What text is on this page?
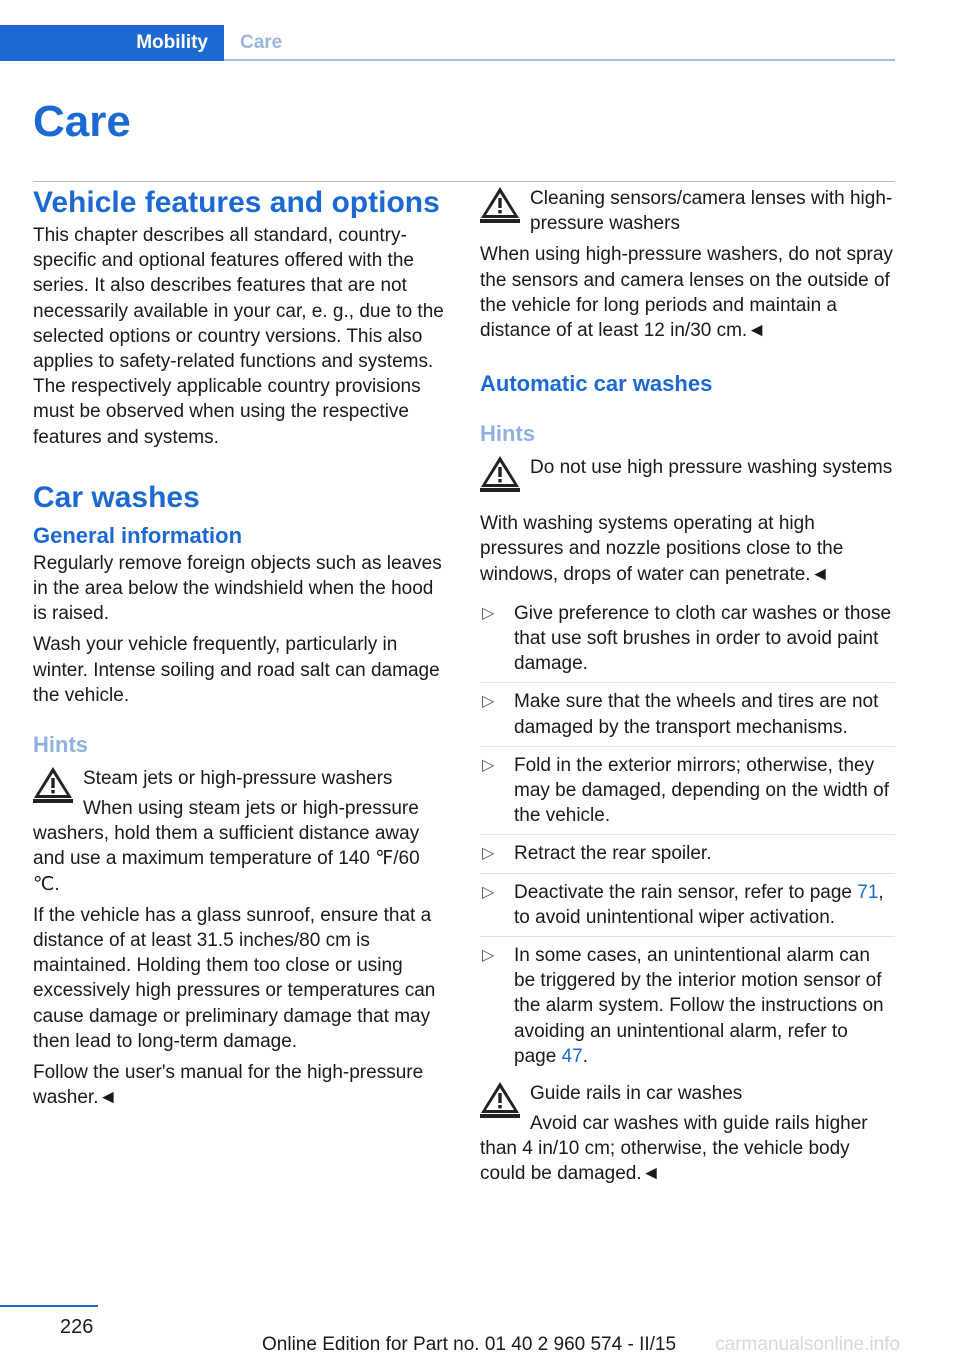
Mobility	Care
Care
Vehicle features and options
This chapter describes all standard, country-specific and optional features offered with the series. It also describes features that are not necessarily available in your car, e. g., due to the selected options or country versions. This also applies to safety-related functions and systems. The respectively applicable country provisions must be observed when using the respective features and systems.
Car washes
General information
Regularly remove foreign objects such as leaves in the area below the windshield when the hood is raised.
Wash your vehicle frequently, particularly in winter. Intense soiling and road salt can damage the vehicle.
Hints
Steam jets or high-pressure washers
When using steam jets or high-pressure washers, hold them a sufficient distance away and use a maximum temperature of 140 ℉/60 ℃.
If the vehicle has a glass sunroof, ensure that a distance of at least 31.5 inches/80 cm is maintained. Holding them too close or using excessively high pressures or temperatures can cause damage or preliminary damage that may then lead to long-term damage.
Follow the user's manual for the high-pressure washer.◄
Cleaning sensors/camera lenses with high-pressure washers
When using high-pressure washers, do not spray the sensors and camera lenses on the outside of the vehicle for long periods and maintain a distance of at least 12 in/30 cm.◄
Automatic car washes
Hints
Do not use high pressure washing systems
With washing systems operating at high pressures and nozzle positions close to the windows, drops of water can penetrate.◄
▷ Give preference to cloth car washes or those that use soft brushes in order to avoid paint damage.
▷ Make sure that the wheels and tires are not damaged by the transport mechanisms.
▷ Fold in the exterior mirrors; otherwise, they may be damaged, depending on the width of the vehicle.
▷ Retract the rear spoiler.
▷ Deactivate the rain sensor, refer to page 71, to avoid unintentional wiper activation.
▷ In some cases, an unintentional alarm can be triggered by the interior motion sensor of the alarm system. Follow the instructions on avoiding an unintentional alarm, refer to page 47.
Guide rails in car washes
Avoid car washes with guide rails higher than 4 in/10 cm; otherwise, the vehicle body could be damaged.◄
226
Online Edition for Part no. 01 40 2 960 574 - II/15 carmanualsonline.info
